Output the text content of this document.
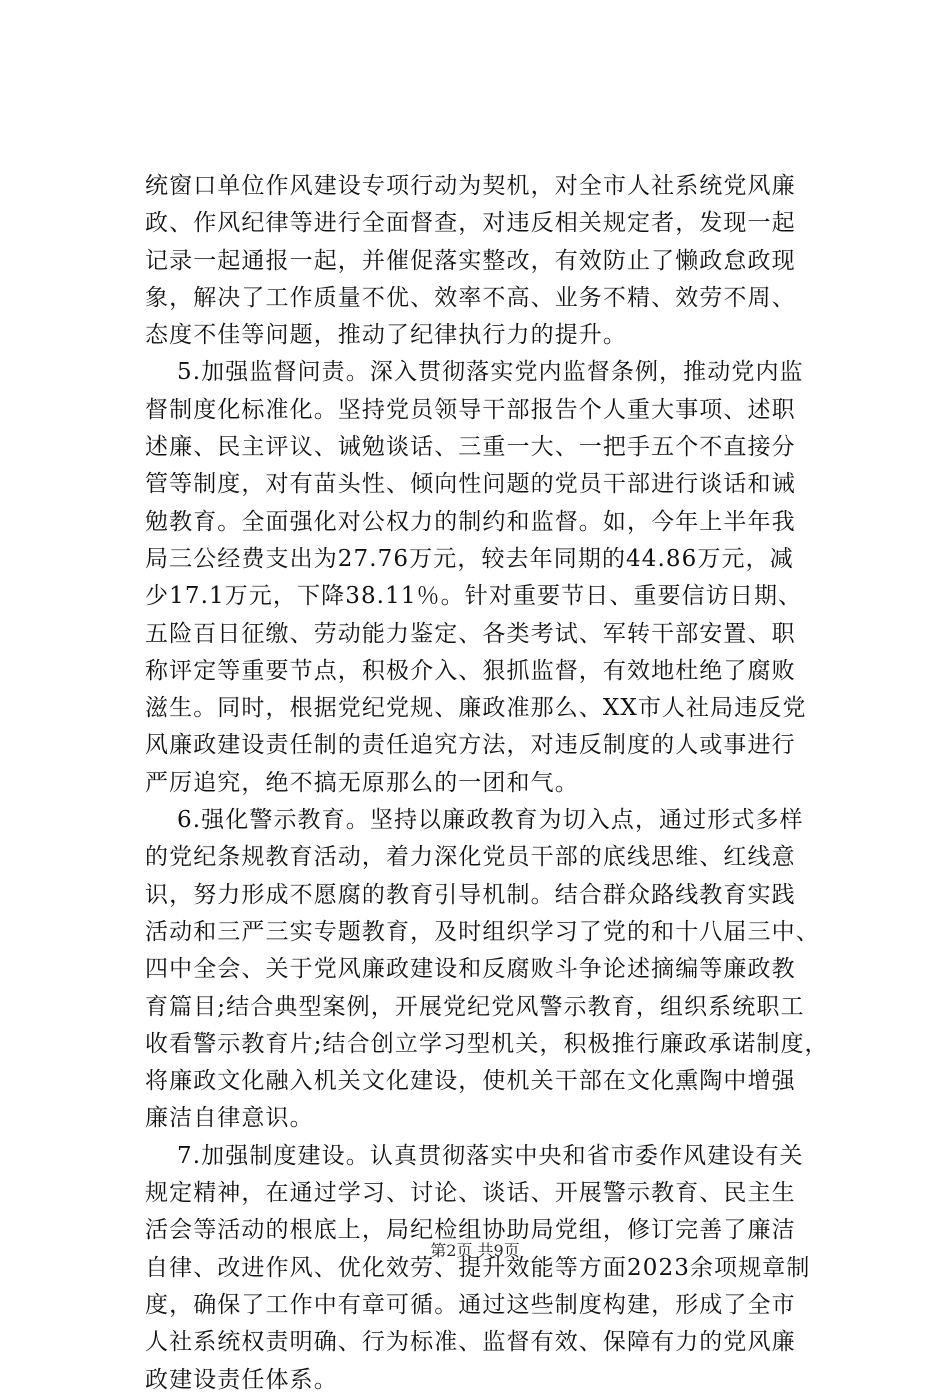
统窗口单位作风建设专项行动为契机，对全市人社系统党风廉
政、作风纪律等进行全面督查，对违反相关规定者，发现一起
记录一起通报一起，并催促落实整改，有效防止了懒政怠政现
象，解决了工作质量不优、效率不高、业务不精、效劳不周、
态度不佳等问题，推动了纪律执行力的提升。
5.加强监督问责。深入贯彻落实党内监督条例，推动党内监
督制度化标准化。坚持党员领导干部报告个人重大事项、述职
述廉、民主评议、诫勉谈话、三重一大、一把手五个不直接分
管等制度，对有苗头性、倾向性问题的党员干部进行谈话和诫
勉教育。全面强化对公权力的制约和监督。如，今年上半年我
局三公经费支出为27.76万元，较去年同期的44.86万元，减
少17.1万元，下降38.11％。针对重要节日、重要信访日期、
五险百日征缴、劳动能力鉴定、各类考试、军转干部安置、职
称评定等重要节点，积极介入、狠抓监督，有效地杜绝了腐败
滋生。同时，根据党纪党规、廉政准那么、XX市人社局违反党
风廉政建设责任制的责任追究方法，对违反制度的人或事进行
严厉追究，绝不搞无原那么的一团和气。
6.强化警示教育。坚持以廉政教育为切入点，通过形式多样
的党纪条规教育活动，着力深化党员干部的底线思维、红线意
识，努力形成不愿腐的教育引导机制。结合群众路线教育实践
活动和三严三实专题教育，及时组织学习了党的和十八届三中、
四中全会、关于党风廉政建设和反腐败斗争论述摘编等廉政教
育篇目;结合典型案例，开展党纪党风警示教育，组织系统职工
收看警示教育片;结合创立学习型机关，积极推行廉政承诺制度，
将廉政文化融入机关文化建设，使机关干部在文化熏陶中增强
廉洁自律意识。
7.加强制度建设。认真贯彻落实中央和省市委作风建设有关
规定精神，在通过学习、讨论、谈话、开展警示教育、民主生
活会等活动的根底上，局纪检组协助局党组，修订完善了廉洁
自律、改进作风、优化效劳、提升效能等方面2023余项规章制
度，确保了工作中有章可循。通过这些制度构建，形成了全市
人社系统权责明确、行为标准、监督有效、保障有力的党风廉
政建设责任体系。
第2页 共9页
